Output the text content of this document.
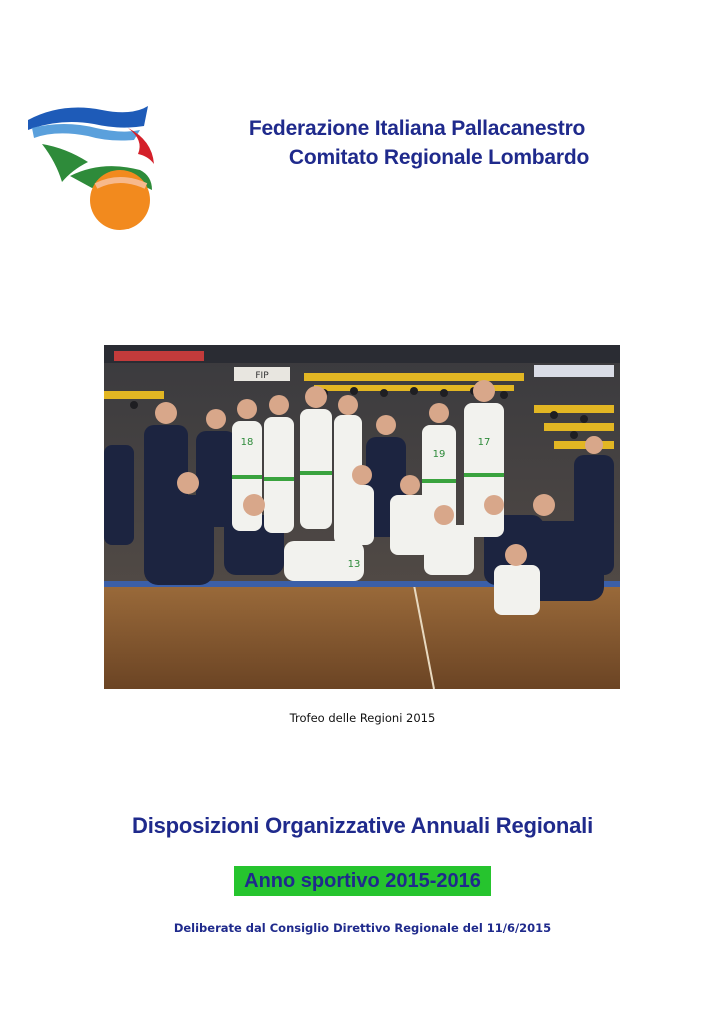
Federazione Italiana Pallacanestro
Comitato Regionale Lombardo
FIP
18
19
17
13
Trofeo delle Regioni 2015
Disposizioni Organizzative Annuali Regionali
Anno sportivo 2015-2016
Deliberate dal Consiglio Direttivo Regionale del 11/6/2015
